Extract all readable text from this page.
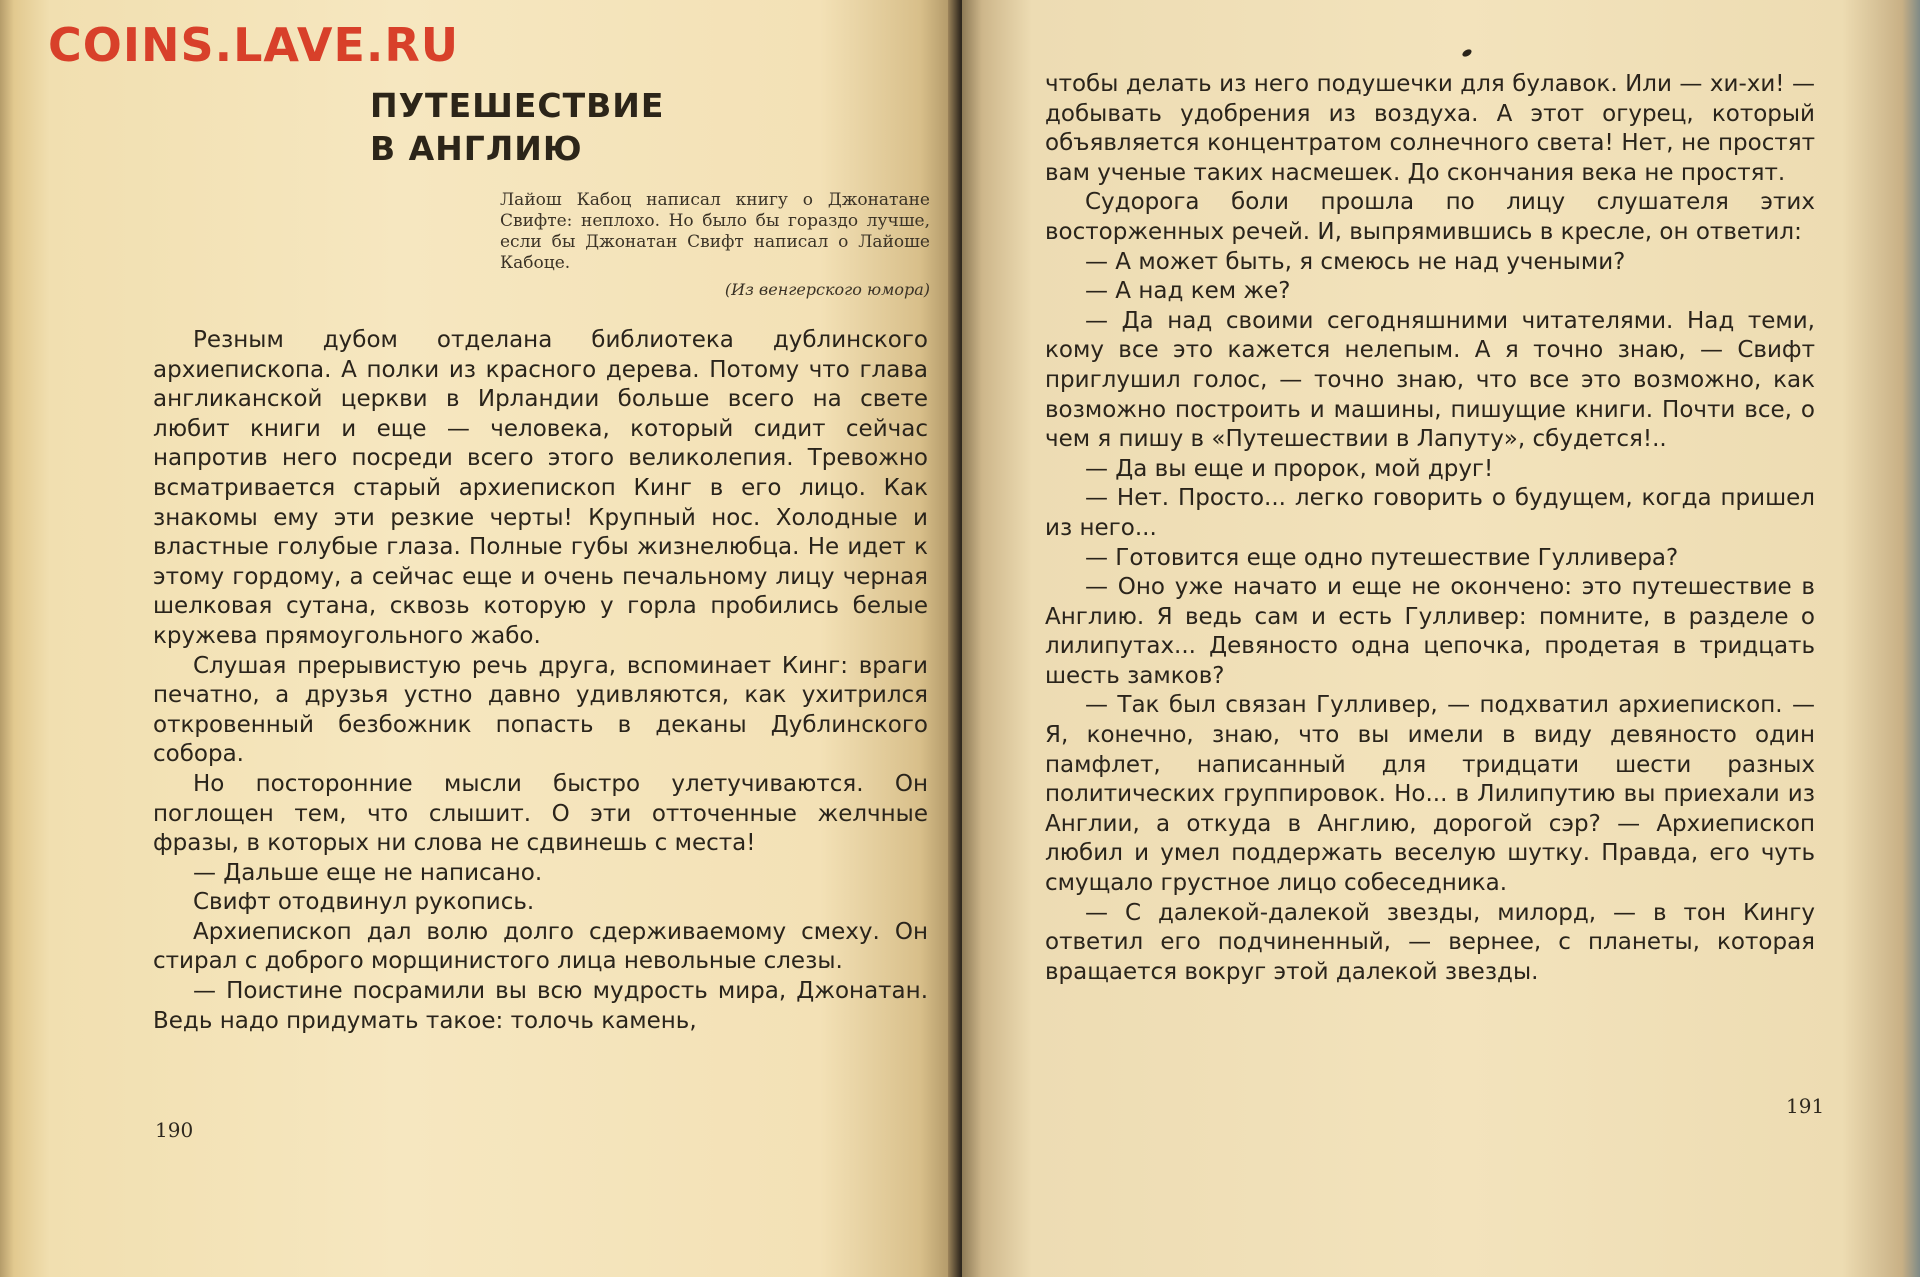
COINS.LAVE.RU
ПУТЕШЕСТВИЕ
В АНГЛИЮ
Лайош Кабоц написал книгу о Джонатане Свифте: неплохо. Но было бы гораздо лучше, если бы Джонатан Свифт написал о Лайоше Кабоце.
(Из венгерского юмора)

Резным дубом отделана библиотека дублинского архиепископа. А полки из красного дерева. Потому что глава англиканской церкви в Ирландии больше всего на свете любит книги и еще — человека, который сидит сейчас напротив него посреди всего этого великолепия. Тревожно всматривается старый архиепископ Кинг в его лицо. Как знакомы ему эти резкие черты! Крупный нос. Холодные и властные голубые глаза. Полные губы жизнелюбца. Не идет к этому гордому, а сейчас еще и очень печальному лицу черная шелковая сутана, сквозь которую у горла пробились белые кружева прямоугольного жабо.

Слушая прерывистую речь друга, вспоминает Кинг: враги печатно, а друзья устно давно удивляются, как ухитрился откровенный безбожник попасть в деканы Дублинского собора.

Но посторонние мысли быстро улетучиваются. Он поглощен тем, что слышит. О эти отточенные желчные фразы, в которых ни слова не сдвинешь с места!

— Дальше еще не написано.

Свифт отодвинул рукопись.

Архиепископ дал волю долго сдерживаемому смеху. Он стирал с доброго морщинистого лица невольные слезы.

— Поистине посрамили вы всю мудрость мира, Джонатан. Ведь надо придумать такое: толочь камень,

190

чтобы делать из него подушечки для булавок. Или — хи-хи! — добывать удобрения из воздуха. А этот огурец, который объявляется концентратом солнечного света! Нет, не простят вам ученые таких насмешек. До скончания века не простят.

Судорога боли прошла по лицу слушателя этих восторженных речей. И, выпрямившись в кресле, он ответил:

— А может быть, я смеюсь не над учеными?

— А над кем же?

— Да над своими сегодняшними читателями. Над теми, кому все это кажется нелепым. А я точно знаю, — Свифт приглушил голос, — точно знаю, что все это возможно, как возможно построить и машины, пишущие книги. Почти все, о чем я пишу в «Путешествии в Лапуту», сбудется!..

— Да вы еще и пророк, мой друг!

— Нет. Просто... легко говорить о будущем, когда пришел из него...

— Готовится еще одно путешествие Гулливера?

— Оно уже начато и еще не окончено: это путешествие в Англию. Я ведь сам и есть Гулливер: помните, в разделе о лилипутах... Девяносто одна цепочка, продетая в тридцать шесть замков?

— Так был связан Гулливер, — подхватил архиепископ. — Я, конечно, знаю, что вы имели в виду девяносто один памфлет, написанный для тридцати шести разных политических группировок. Но... в Лилипутию вы приехали из Англии, а откуда в Англию, дорогой сэр? — Архиепископ любил и умел поддержать веселую шутку. Правда, его чуть смущало грустное лицо собеседника.

— С далекой-далекой звезды, милорд, — в тон Кингу ответил его подчиненный, — вернее, с планеты, которая вращается вокруг этой далекой звезды.

191
